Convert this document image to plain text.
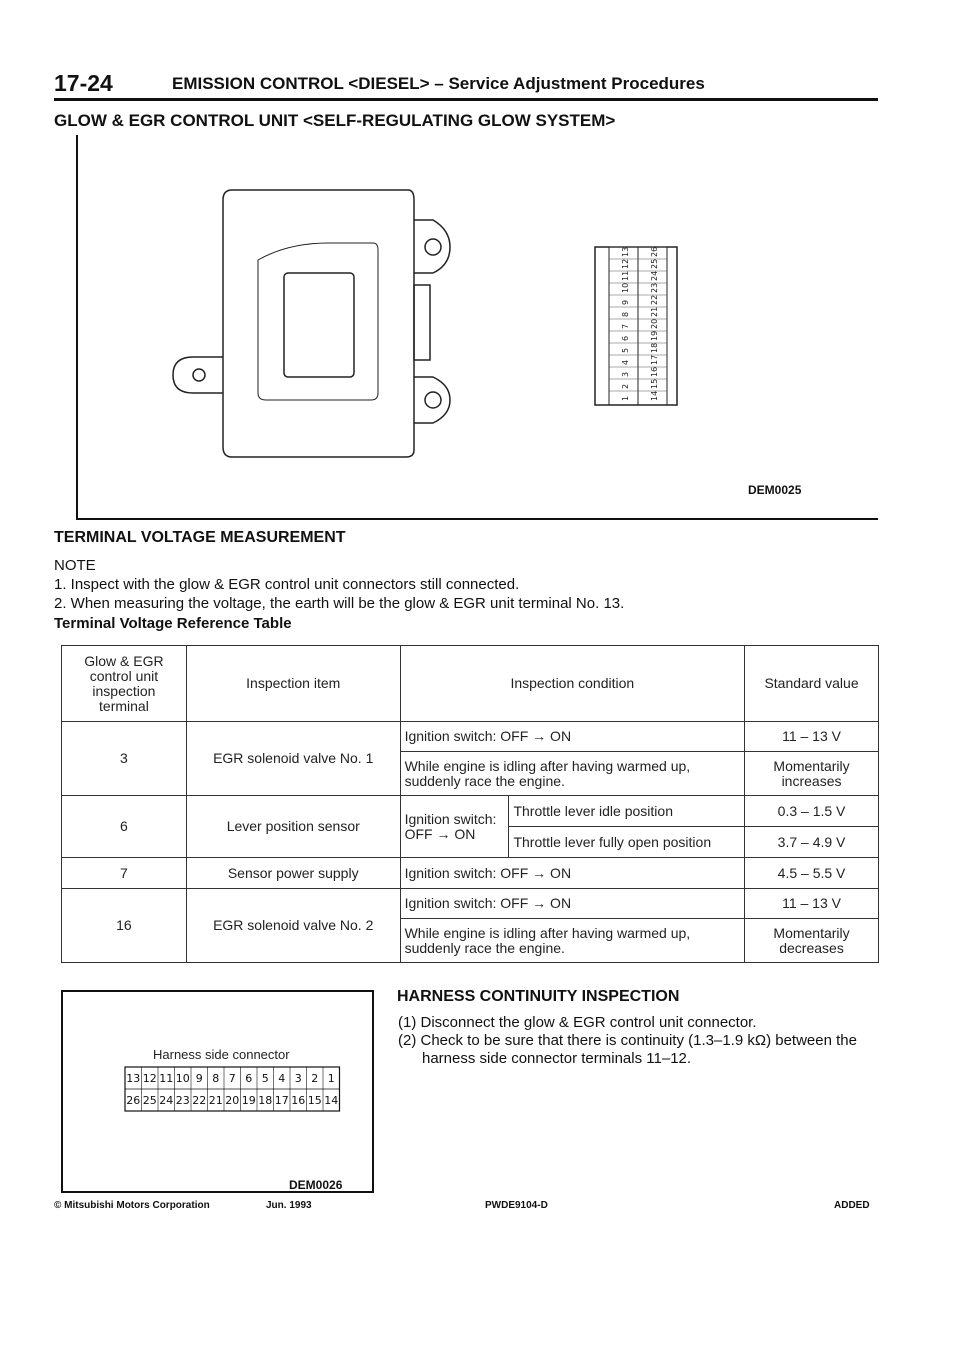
17-24	EMISSION CONTROL <DIESEL> – Service Adjustment Procedures
GLOW & EGR CONTROL UNIT <SELF-REGULATING GLOW SYSTEM>
1
2
3
4
5
6
7
8
9
10
11
12
13
14
15
16
17
18
19
20
21
22
23
24
25
26
DEM0025
TERMINAL VOLTAGE MEASUREMENT
NOTE
1. Inspect with the glow & EGR control unit connectors still connected.
2. When measuring the voltage, the earth will be the glow & EGR unit terminal No. 13.
Terminal Voltage Reference Table
Glow & EGR control unit inspection terminal	Inspection item	Inspection condition		Standard value
3	EGR solenoid valve No. 1	Ignition switch: OFF → ON		11 – 13 V
		While engine is idling after having warmed up, suddenly race the engine.		Momentarily increases
6	Lever position sensor	Ignition switch: OFF → ON	Throttle lever idle position	0.3 – 1.5 V
			Throttle lever fully open position	3.7 – 4.9 V
7	Sensor power supply	Ignition switch: OFF → ON		4.5 – 5.5 V
16	EGR solenoid valve No. 2	Ignition switch: OFF → ON		11 – 13 V
		While engine is idling after having warmed up, suddenly race the engine.		Momentarily decreases
Harness side connector
13 12 11 10 9 8 7 6 5 4 3 2 1
26 25 24 23 22 21 20 19 18 17 16 15 14
DEM0026
HARNESS CONTINUITY INSPECTION
(1) Disconnect the glow & EGR control unit connector.
(2) Check to be sure that there is continuity (1.3–1.9 kΩ) between the harness side connector terminals 11–12.
© Mitsubishi Motors Corporation	Jun. 1993	PWDE9104-D	ADDED
